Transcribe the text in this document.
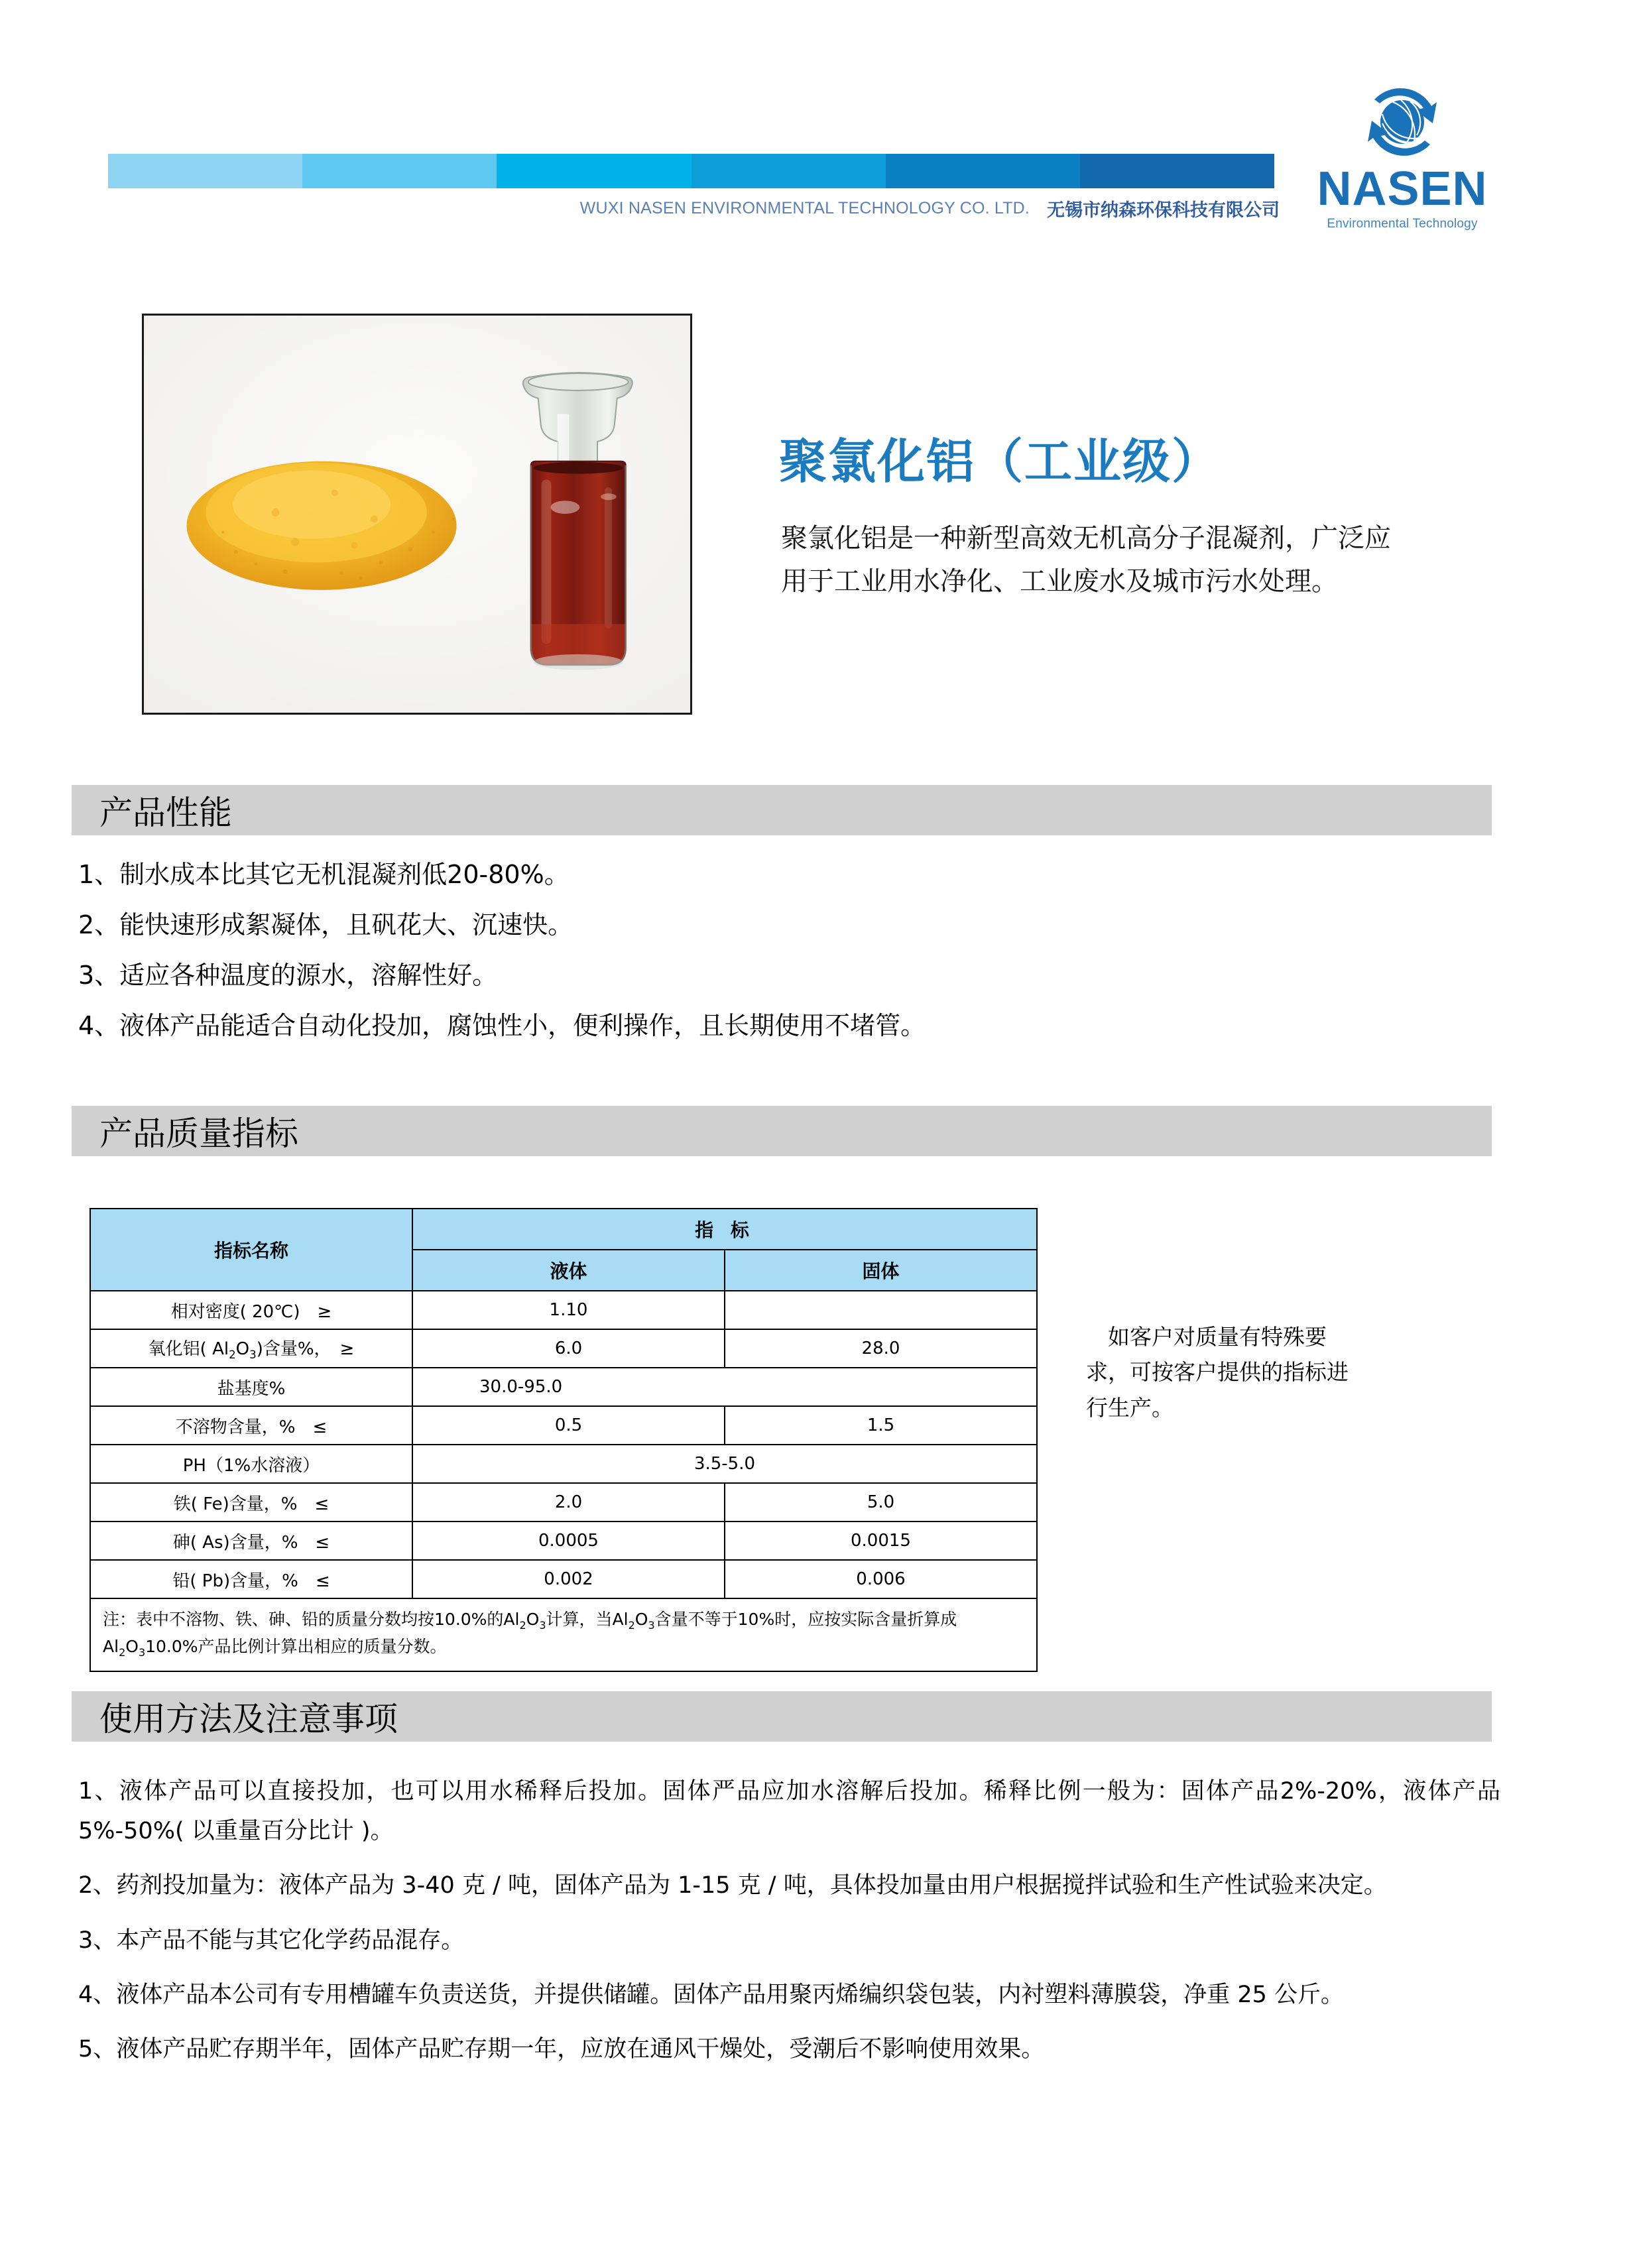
WUXI NASEN ENVIRONMENTAL TECHNOLOGY CO. LTD. 无锡市纳森环保科技有限公司 NASEN
Environmental Technology
聚氯化铝（工业级）

聚氯化铝是一种新型高效无机高分子混凝剂，广泛应用于工业用水净化、工业废水及城市污水处理。

产品性能
1、制水成本比其它无机混凝剂低20-80%。
2、能快速形成絮凝体，且矾花大、沉速快。
3、适应各种温度的源水，溶解性好。
4、液体产品能适合自动化投加，腐蚀性小，便利操作，且长期使用不堵管。
产品质量指标
指标名称	指 标	
	液体	固体
相对密度( 20℃)　≥	1.10	
氧化铝( $Al_2O_3$)含量%，　≥	6.0	28.0
盐基度%	30.0-95.0	
不溶物含量，%　≤	0.5	1.5
PH（1%水溶液）	3.5-5.0	
铁( Fe)含量，%　≤	2.0	5.0
砷( As)含量，%　≤	0.0005	0.0015
铅( Pb)含量，%　≤	0.002	0.006
注：表中不溶物、铁、砷、铅的质量分数均按10.0%的$Al_2O_3$计算，当$Al_2O_3$含量不等于10%时，应按实际含量折算成$Al_2O_310.0\%$产品比例计算出相应的质量分数。		
如客户对质量有特殊要求，可按客户提供的指标进行生产。
使用方法及注意事项
1、液体产品可以直接投加，也可以用水稀释后投加。固体严品应加水溶解后投加。稀释比例一般为：固体产品2%-20%，液体产品 5%-50%( 以重量百分比计 )。
2、药剂投加量为：液体产品为 3-40 克 / 吨，固体产品为 1-15 克 / 吨，具体投加量由用户根据搅拌试验和生产性试验来决定。
3、本产品不能与其它化学药品混存。
4、液体产品本公司有专用槽罐车负责送货，并提供储罐。固体产品用聚丙烯编织袋包装，内衬塑料薄膜袋，净重 25 公斤。
5、液体产品贮存期半年，固体产品贮存期一年，应放在通风干燥处，受潮后不影响使用效果。
